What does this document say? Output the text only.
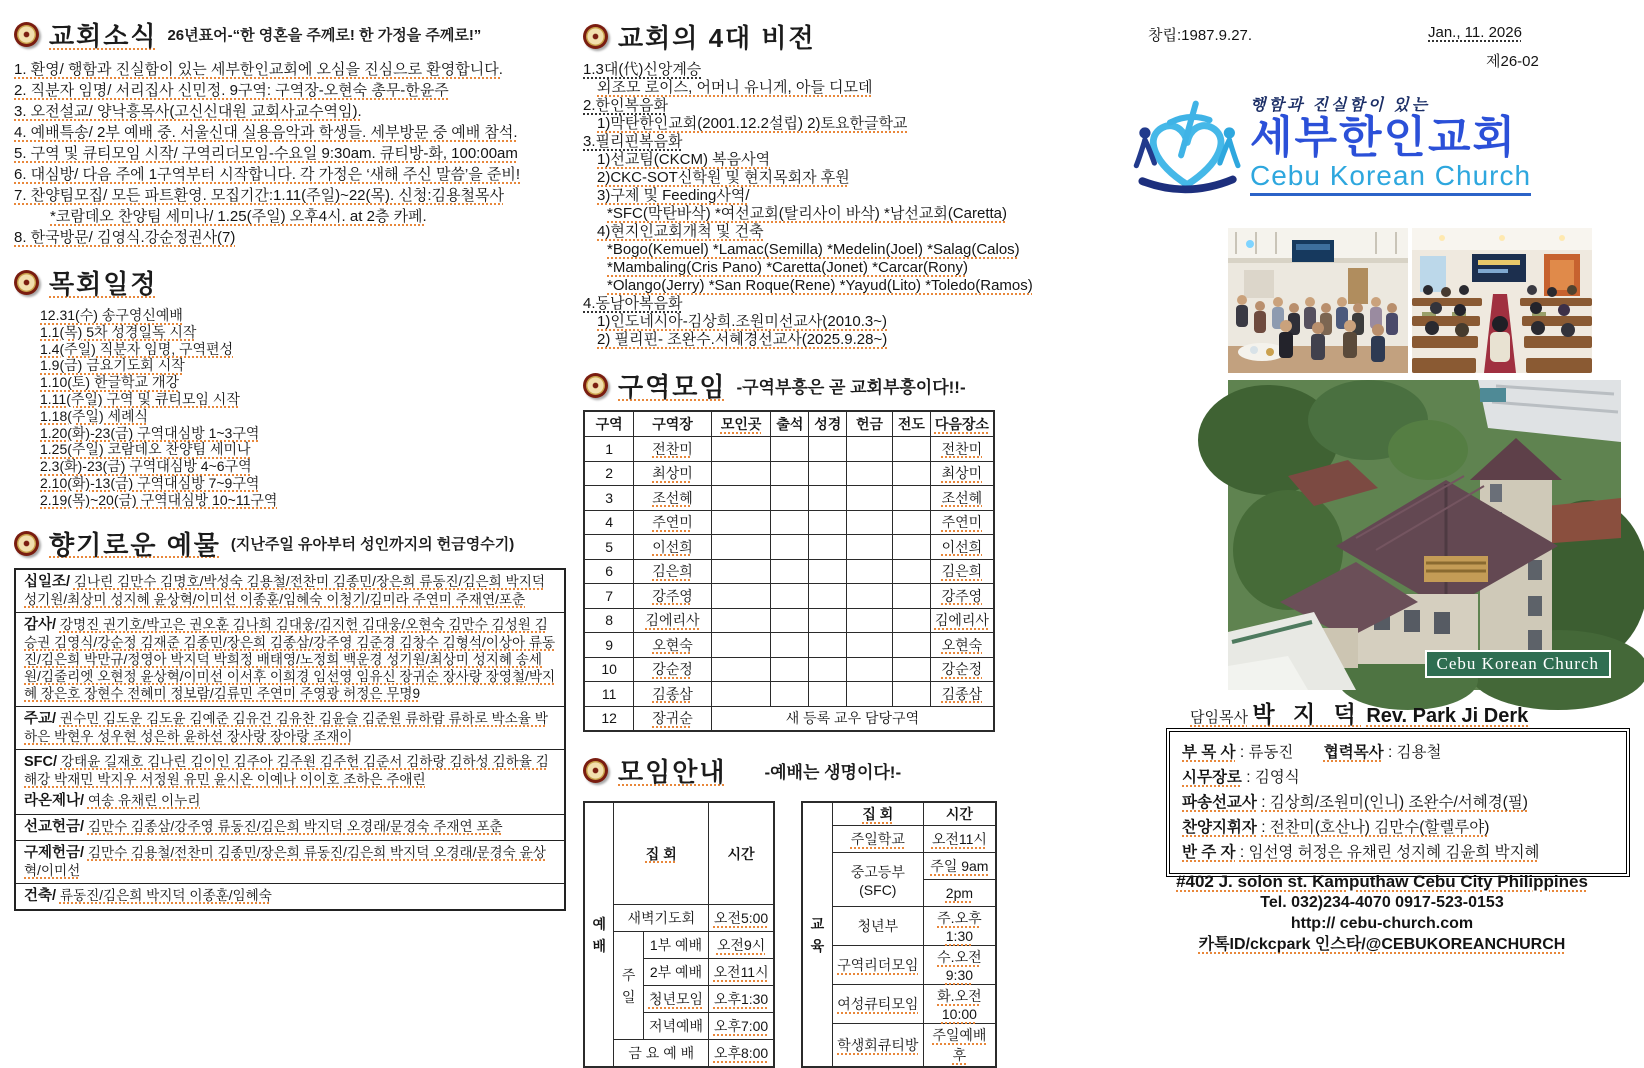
교회소식 26년표어-“한 영혼을 주께로! 한 가정을 주께로!”
1. 환영/ 행함과 진실함이 있는 세부한인교회에 오심을 진심으로 환영합니다.
2. 직분자 임명/ 서리집사 신민정. 9구역: 구역장-오현숙 총무-한윤주
3. 오전설교/ 양낙흥목사(고신신대원 교회사교수역임).
4. 예배특송/ 2부 예배 중. 서울신대 실용음악과 학생들. 세부방문 중 예배 참석.
5. 구역 및 큐티모임 시작/ 구역리더모임-수요일 9:30am. 큐티방-화, 100:00am
6. 대심방/ 다음 주에 1구역부터 시작합니다. 각 가정은 ‘새해 주신 말씀’을 준비!
7. 찬양팀모집/ 모든 파트환영. 모집기간:1.11(주일)~22(목). 신청:김용철목사
*코람데오 찬양팀 세미나/ 1.25(주일) 오후4시. at 2층 카페.
8. 한국방문/ 김영식.강순정권사(7)
목회일정
12.31(수) 송구영신예배
1.1(목) 5차 성경일독 시작
1.4(주일) 직분자 임명, 구역편성
1.9(금) 금요기도회 시작
1.10(토) 한글학교 개강
1.11(주일) 구역 및 큐티모임 시작
1.18(주일) 세례식
1.20(화)-23(금) 구역대심방 1~3구역
1.25(주일) 코람데오 찬양팀 세미나
2.3(화)-23(금) 구역대심방 4~6구역
2.10(화)-13(금) 구역대심방 7~9구역
2.19(목)~20(금) 구역대심방 10~11구역
향기로운 예물 (지난주일 유아부터 성인까지의 헌금영수기)
십일조/ 김나린 김만수 김명호/박성숙 김용철/전찬미 김종민/장은희 류동진/김은희 박지덕 성기원/최상미 성지혜 윤상혁/이미선 이종훈/임혜숙 이청기/김미라 주연미 주재연/포춘
감사/ 강명진 권기호/박고은 권오훈 김나희 김대웅/김지헌 김대웅/오현숙 김만수 김성원 김승권 김영식/강순정 김재준 김종민/장은희 김종삼/강주영 김준경 김창수 김형석/이상아 류동진/김은희 박만규/정영아 박지덕 박희정 배태영/노정희 백운경 성기원/최상미 성지혜 송세원/김줄리엣 오현정 윤상혁/이미선 이서후 이희경 임선영 임유신 장귀순 장사랑 장영철/박지혜 장은호 장현수 전혜미 정보람/김류민 주연미 주영광 허정은 무명9
주교/ 권수민 김도운 김도윤 김예준 김유건 김유찬 김윤슬 김준원 류하람 류하로 박소율 박하은 박현우 성우현 성은하 윤하선 장사랑 장아랑 조재이
SFC/ 강태윤 길재호 김나린 김이인 김주아 김주원 김주헌 김준서 김하랑 김하성 김하율 김해강 박재민 박지우 서정원 유민 윤시온 이예나 이이호 조하은 주애린
라온제나/ 여송 유채린 이누리
선교헌금/ 김만수 김종삼/강주영 류동진/김은희 박지덕 오경래/문경숙 주재연 포춘
구제헌금/ 김만수 김용철/전찬미 김종민/장은희 류동진/김은희 박지덕 오경래/문경숙 윤상혁/이미선
건축/ 류동진/김은희 박지덕 이종훈/임혜숙
교회의 4대 비전
1.3대(代)신앙계승
외조모 로이스, 어머니 유니게, 아들 디모데
2.한인복음화
1)막탄한인교회(2001.12.2설립) 2)토요한글학교
3.필리핀복음화
1)선교팀(CKCM) 복음사역
2)CKC-SOT신학원 및 현지목회자 후원
3)구제 및 Feeding사역/
*SFC(막탄바삭) *여선교회(탈리사이 바삭) *남선교회(Caretta)
4)현지인교회개척 및 건축
*Bogo(Kemuel) *Lamac(Semilla) *Medelin(Joel) *Salag(Calos)
*Mambaling(Cris Pano) *Caretta(Jonet) *Carcar(Rony)
*Olango(Jerry) *San Roque(Rene) *Yayud(Lito) *Toledo(Ramos)
4.동남아복음화
1)인도네시아-김상희.조원미선교사(2010.3~)
2) 필리핀- 조완수.서혜경선교사(2025.9.28~)
구역모임 -구역부흥은 곧 교회부흥이다!!-
구역	구역장	모인곳	출석	성경	헌금	전도	다음장소
1	전찬미						전찬미
2	최상미						최상미
3	조선혜						조선혜
4	주연미						주연미
5	이선희						이선희
6	김은희						김은희
7	강주영						강주영
8	김에리사						김에리사
9	오현숙						오현숙
10	강순정						강순정
11	김종삼						김종삼
12	장귀순	새 등록 교우 담당구역					
모임안내 -예배는 생명이다!-
예배	집 회		시간
	새벽기도회		오전5:00
	주일	1부 예배	오전9시
		2부 예배	오전11시
		청년모임	오후1:30
		저녁예배	오후7:00
	금 요 예 배		오후8:00
교육	집 회	시간
	주일학교	오전11시
	중고등부 (SFC)	주일 9am
		2pm
	청년부	주.오후1:30
	구역리더모임	수.오전9:30
	여성큐티모임	화.오전10:00
	학생회큐티방	주일예배후
창립:1987.9.27.	Jan., 11. 2026
제26-02
행함과 진실함이 있는
세부한인교회
Cebu Korean Church
Cebu Korean Church
담임목사 박 지 덕 Rev. Park Ji Derk
부 목 사 : 류동진 협력목사 : 김용철
시무장로 : 김영식
파송선교사 : 김상희/조원미(인니) 조완수/서혜경(필)
찬양지휘자 : 전찬미(호산나) 김만수(할렐루야)
반 주 자 : 임선영 허정은 유채린 성지혜 김윤희 박지혜
#402 J. solon st. Kamputhaw Cebu City Philippines
Tel. 032)234-4070 0917-523-0153
http:// cebu-church.com
카톡ID/ckcpark 인스타/@CEBUKOREANCHURCH
